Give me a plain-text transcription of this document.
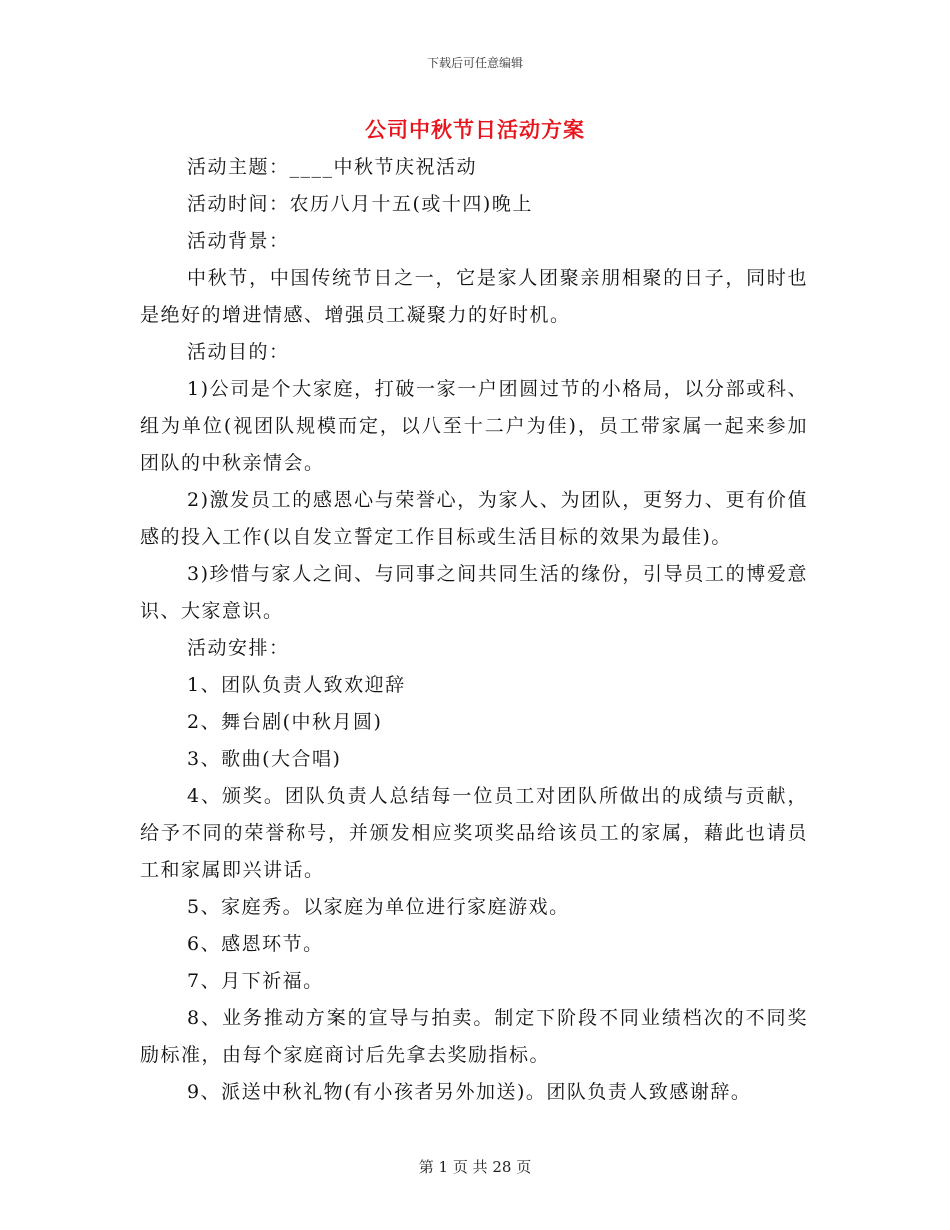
下载后可任意编辑
公司中秋节日活动方案

活动主题：____中秋节庆祝活动

活动时间：农历八月十五(或十四)晚上

活动背景：

中秋节，中国传统节日之一，它是家人团聚亲朋相聚的日子，同时也是绝好的增进情感、增强员工凝聚力的好时机。

活动目的：

1)公司是个大家庭，打破一家一户团圆过节的小格局，以分部或科、组为单位(视团队规模而定，以八至十二户为佳)，员工带家属一起来参加团队的中秋亲情会。

2)激发员工的感恩心与荣誉心，为家人、为团队，更努力、更有价值感的投入工作(以自发立誓定工作目标或生活目标的效果为最佳)。

3)珍惜与家人之间、与同事之间共同生活的缘份，引导员工的博爱意识、大家意识。

活动安排：

1、团队负责人致欢迎辞

2、舞台剧(中秋月圆)

3、歌曲(大合唱)

4、颁奖。团队负责人总结每一位员工对团队所做出的成绩与贡献，给予不同的荣誉称号，并颁发相应奖项奖品给该员工的家属，藉此也请员工和家属即兴讲话。

5、家庭秀。以家庭为单位进行家庭游戏。

6、感恩环节。

7、月下祈福。

8、业务推动方案的宣导与拍卖。制定下阶段不同业绩档次的不同奖励标准，由每个家庭商讨后先拿去奖励指标。

9、派送中秋礼物(有小孩者另外加送)。团队负责人致感谢辞。

第 1 页 共 28 页
